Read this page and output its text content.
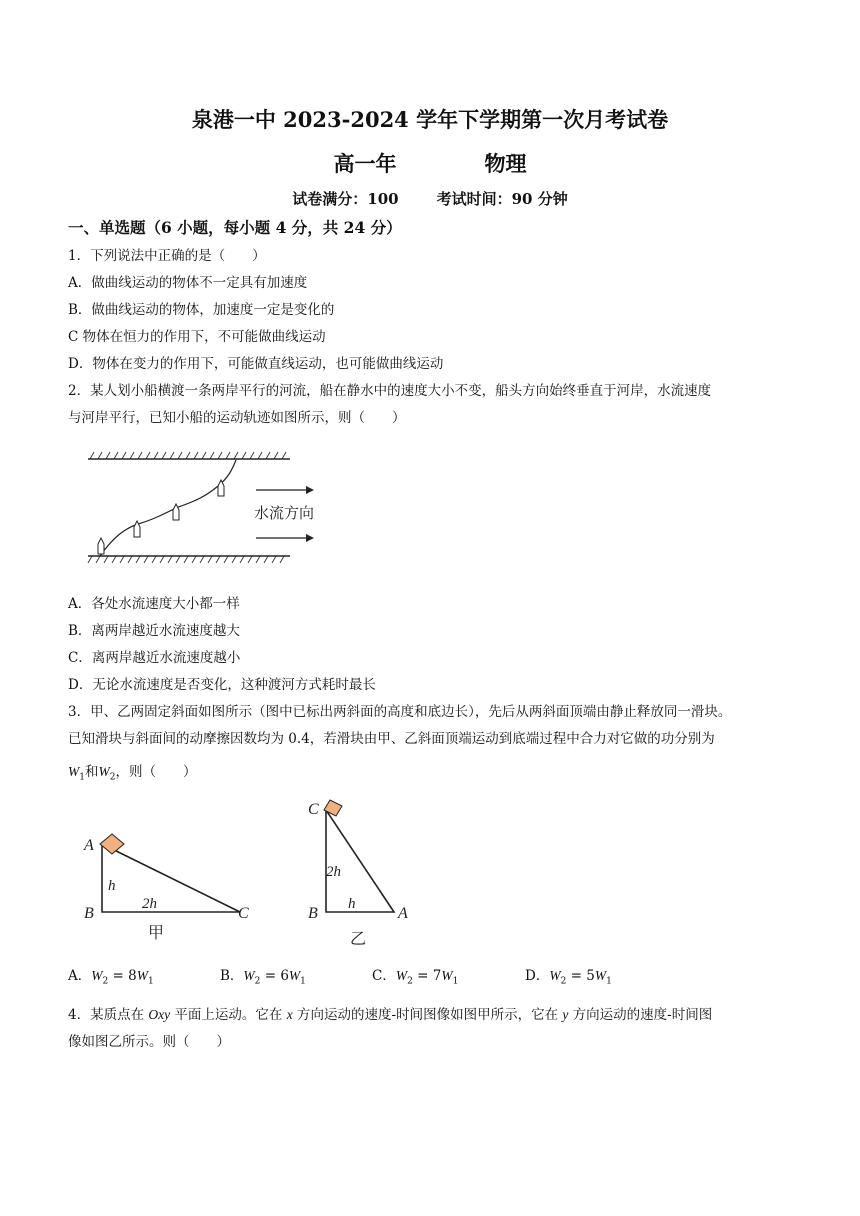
泉港一中 2023-2024 学年下学期第一次月考试卷
高一年	物理
试卷满分：100	考试时间：90 分钟
一、单选题（6 小题，每小题 4 分，共 24 分）
1．下列说法中正确的是（　　）
A．做曲线运动的物体不一定具有加速度
B．做曲线运动的物体，加速度一定是变化的
C 物体在恒力的作用下，不可能做曲线运动
D．物体在变力的作用下，可能做直线运动，也可能做曲线运动
2．某人划小船横渡一条两岸平行的河流，船在静水中的速度大小不变，船头方向始终垂直于河岸，水流速度
与河岸平行，已知小船的运动轨迹如图所示，则（　　）
水流方向
A．各处水流速度大小都一样
B．离两岸越近水流速度越大
C．离两岸越近水流速度越小
D．无论水流速度是否变化，这种渡河方式耗时最长
3．甲、乙两固定斜面如图所示（图中已标出两斜面的高度和底边长），先后从两斜面顶端由静止释放同一滑块。
已知滑块与斜面间的动摩擦因数均为 0.4，若滑块由甲、乙斜面顶端运动到底端过程中合力对它做的功分别为
$W_1$和$W_2$，则（　　）
A
B	C
h
2h
甲
C
B	A
2h
h
乙
A．$W_2 = 8W_1$	B．$W_2 = 6W_1$	C．$W_2 = 7W_1$	D．$W_2 = 5W_1$
4．某质点在 Oxy 平面上运动。它在 x 方向运动的速度-时间图像如图甲所示，它在 y 方向运动的速度-时间图
像如图乙所示。则（　　）
